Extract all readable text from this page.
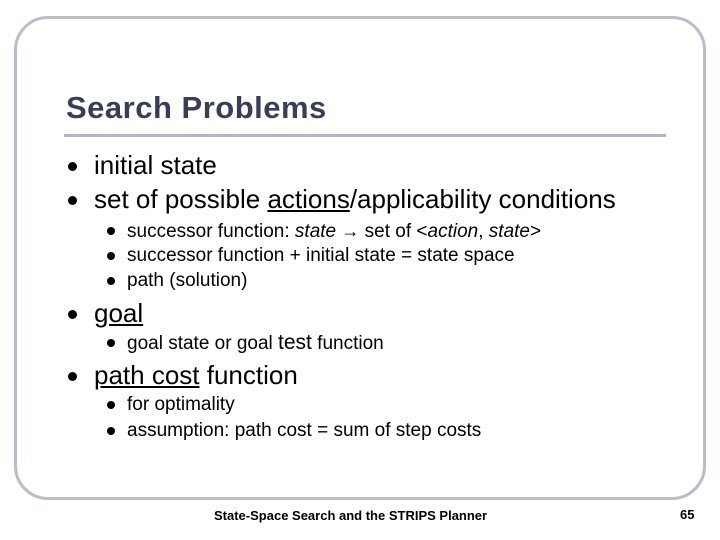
Search Problems
initial state
set of possible actions/applicability conditions
successor function: state → set of <action, state>
successor function + initial state = state space
path (solution)
goal
goal state or goal test function
path cost function
for optimality
assumption: path cost = sum of step costs
State-Space Search and the STRIPS Planner	65
